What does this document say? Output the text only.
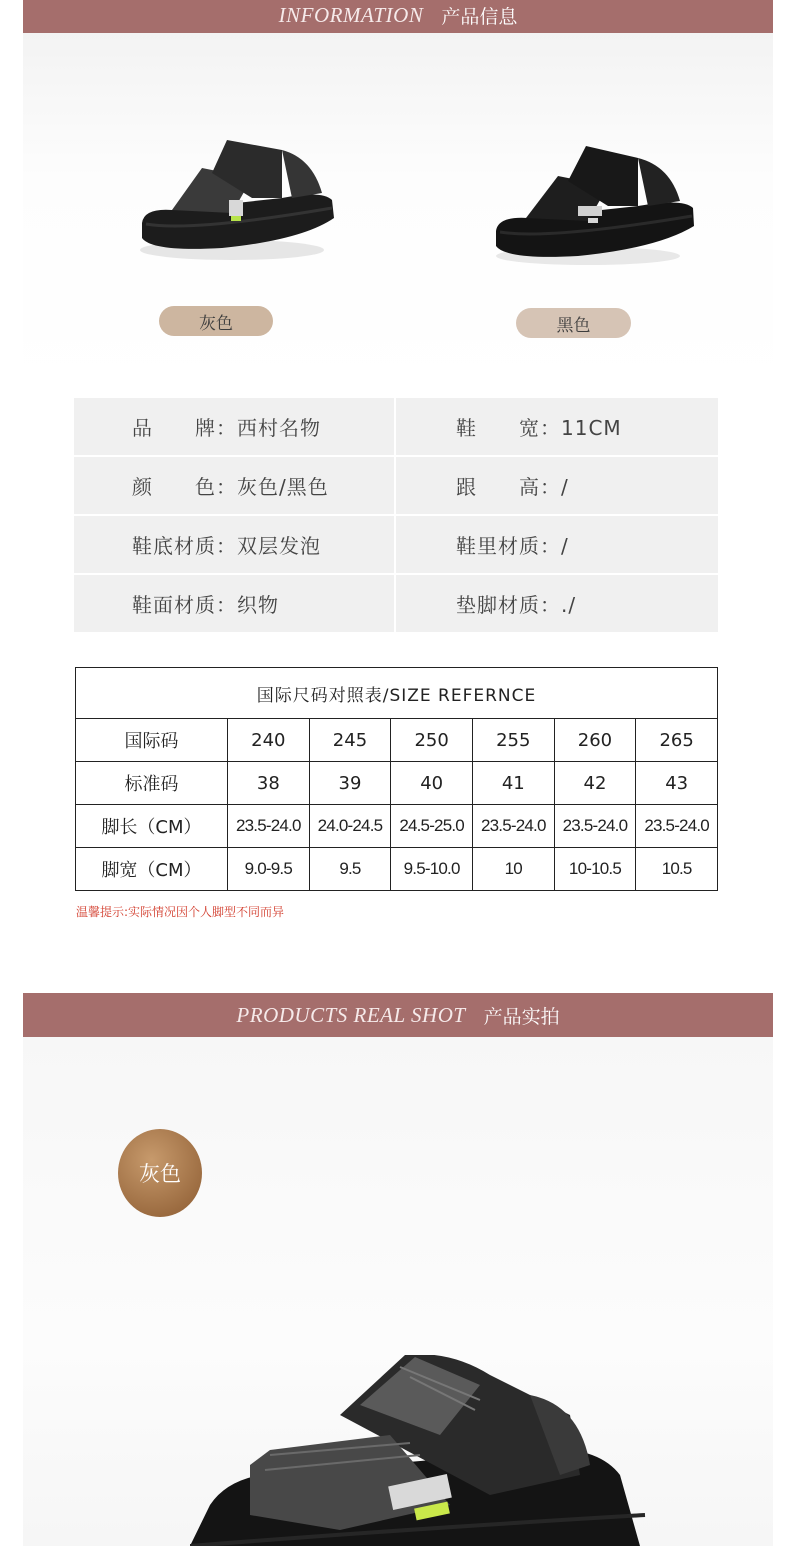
INFORMATION 产品信息
灰色	黑色
品　　牌：西村名物	鞋　　宽：11CM
颜　　色：灰色/黑色	跟　　高：/
鞋底材质：双层发泡	鞋里材质：/
鞋面材质：织物	垫脚材质：./
国际尺码对照表/SIZE REFERNCE						
国际码	240	245	250	255	260	265
标准码	38	39	40	41	42	43
脚长（CM）	23.5-24.0	24.0-24.5	24.5-25.0	23.5-24.0	23.5-24.0	23.5-24.0
脚宽（CM）	9.0-9.5	9.5	9.5-10.0	10	10-10.5	10.5
温馨提示:实际情况因个人脚型不同而异
PRODUCTS REAL SHOT 产品实拍
灰色
